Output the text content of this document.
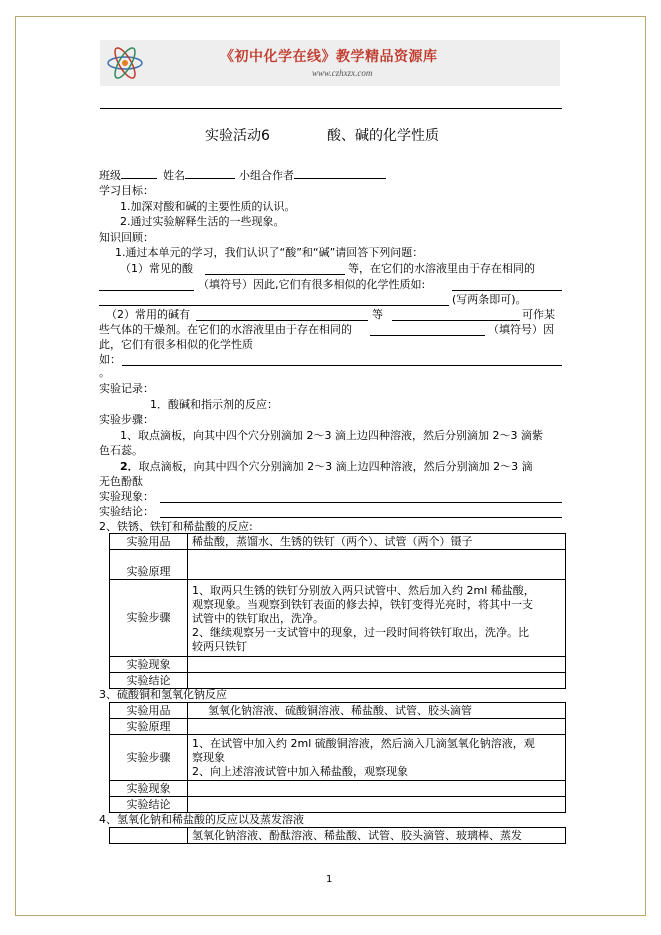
《初中化学在线》教学精品资源库
www.czhxzx.com
实验活动6	酸、碱的化学性质
班级	姓名	小组合作者
学习目标：
1.加深对酸和碱的主要性质的认识。
2.通过实验解释生活的一些现象。
知识回顾：
1.通过本单元的学习，我们认识了“酸”和“碱”请回答下列问题：
（1）常见的酸	等，在它们的水溶液里由于存在相同的
（填符号）因此,它们有很多相似的化学性质如:
(写两条即可)。
（2）常用的碱有	等	可作某
些气体的干燥剂。在它们的水溶液里由于存在相同的	（填符号）因
此，它们有很多相似的化学性质
如：
。
实验记录：
1．酸碱和指示剂的反应：
实验步骤：
1、取点滴板，向其中四个穴分别滴加 2～3 滴上边四种溶液，然后分别滴加 2～3 滴紫
色石蕊。
2．取点滴板，向其中四个穴分别滴加 2～3 滴上边四种溶液，然后分别滴加 2～3 滴
无色酚酞
实验现象：
实验结论：
2、铁锈、铁钉和稀盐酸的反应:
实验用品	稀盐酸，蒸馏水、生锈的铁钉（两个）、试管（两个）镊子
实验原理	
实验步骤	1、取两只生锈的铁钉分别放入两只试管中、然后加入约 2ml 稀盐酸，
观察现象。当观察到铁钉表面的修去掉，铁钉变得光亮时，将其中一支
试管中的铁钉取出，洗净。
2、继续观察另一支试管中的现象，过一段时间将铁钉取出，洗净。比
较两只铁钉

实验现象	
实验结论	
3、硫酸铜和氢氧化钠反应
实验用品	氢氧化钠溶液、硫酸铜溶液、稀盐酸、试管、胶头滴管
实验原理	
实验步骤	1、在试管中加入约 2ml 硫酸铜溶液，然后滴入几滴氢氧化钠溶液，观
察现象
2、向上述溶液试管中加入稀盐酸，观察现象

实验现象	
实验结论	
4、氢氧化钠和稀盐酸的反应以及蒸发溶液
	氢氧化钠溶液、酚酞溶液、稀盐酸、试管、胶头滴管、玻璃棒、蒸发
1
